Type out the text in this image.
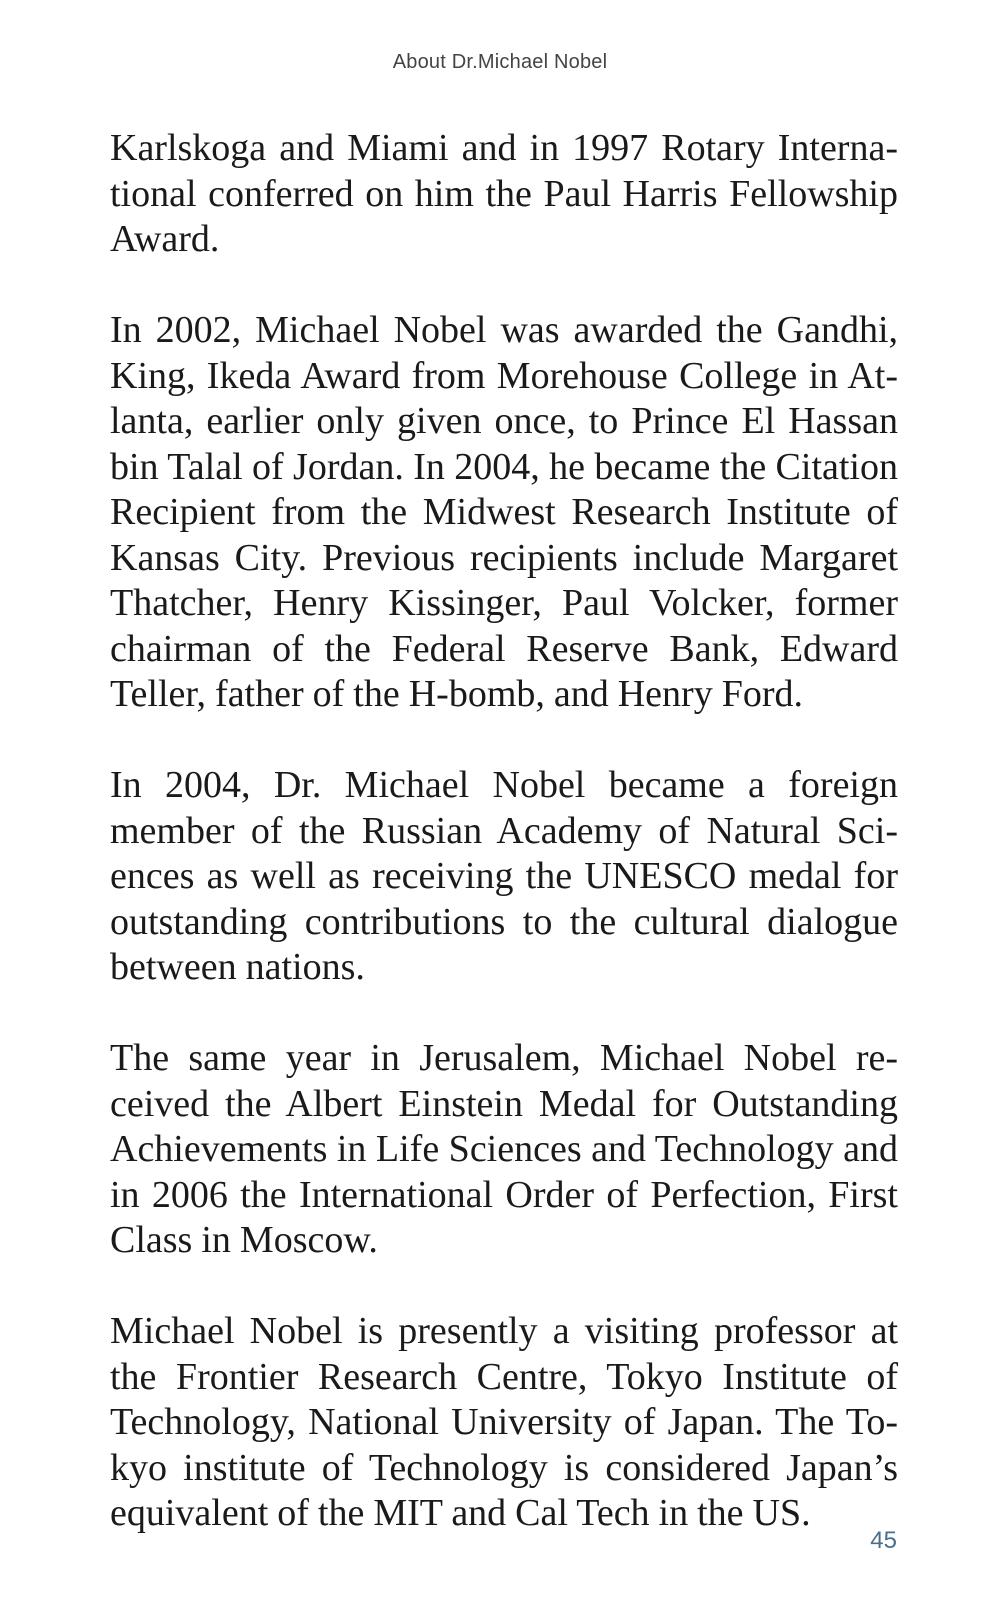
About Dr.Michael Nobel

Karlskoga and Miami and in 1997 Rotary International conferred on him the Paul Harris Fellowship Award.

In 2002, Michael Nobel was awarded the Gandhi, King, Ikeda Award from Morehouse College in Atlanta, earlier only given once, to Prince El Hassan bin Talal of Jordan. In 2004, he became the Citation Recipient from the Midwest Research Institute of Kansas City. Previous recipients include Margaret Thatcher, Henry Kissinger, Paul Volcker, former chairman of the Federal Reserve Bank, Edward Teller, father of the H-bomb, and Henry Ford.

In 2004, Dr. Michael Nobel became a foreign member of the Russian Academy of Natural Sciences as well as receiving the UNESCO medal for outstanding contributions to the cultural dialogue between nations.

The same year in Jerusalem, Michael Nobel received the Albert Einstein Medal for Outstanding Achievements in Life Sciences and Technology and in 2006 the International Order of Perfection, First Class in Moscow.

Michael Nobel is presently a visiting professor at the Frontier Research Centre, Tokyo Institute of Technology, National University of Japan. The Tokyo institute of Technology is considered Japan’s equivalent of the MIT and Cal Tech in the US.

45
